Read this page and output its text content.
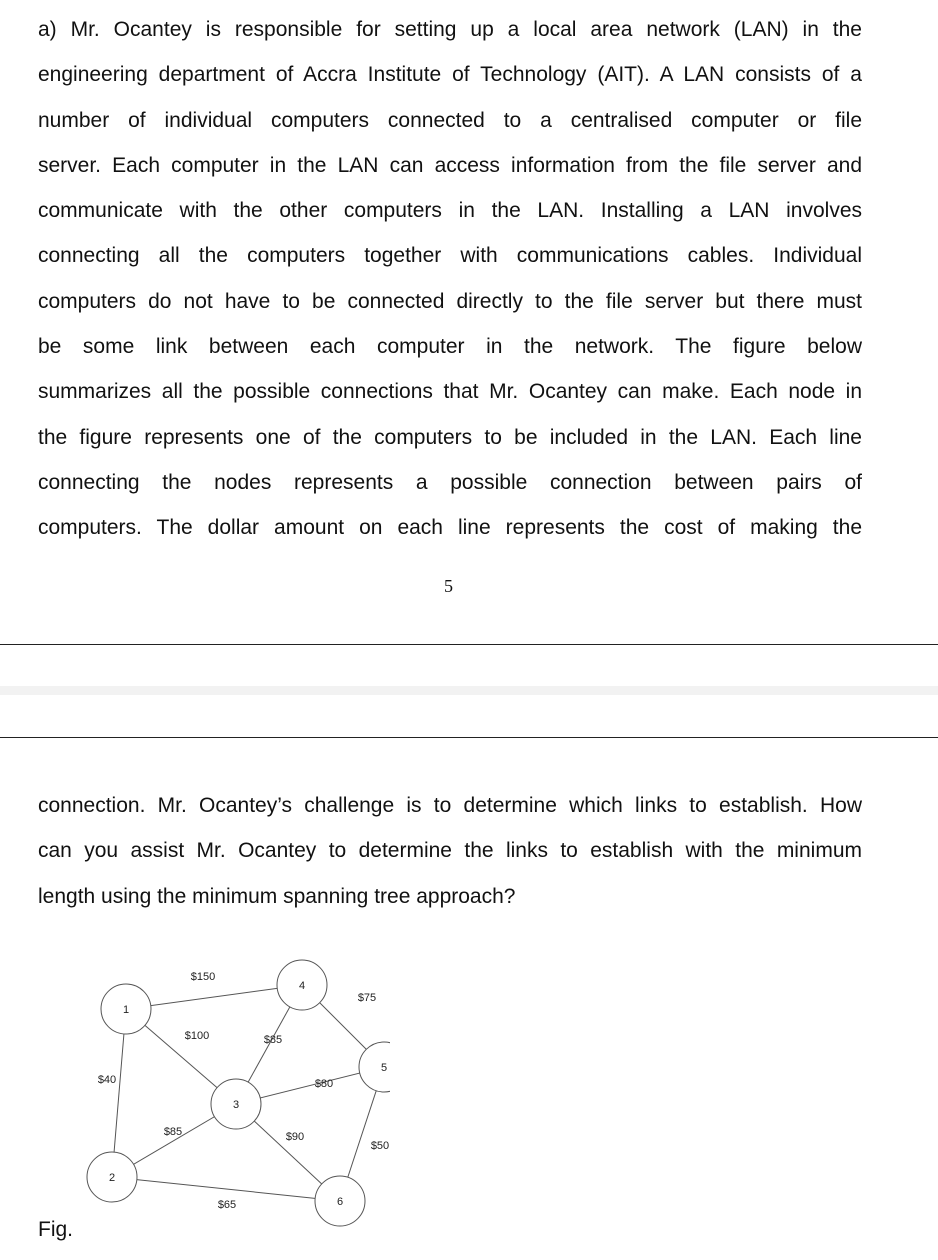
a) Mr. Ocantey is responsible for setting up a local area network (LAN) in the
engineering department of Accra Institute of Technology (AIT). A LAN consists of a
number of individual computers connected to a centralised computer or file
server. Each computer in the LAN can access information from the file server and
communicate with the other computers in the LAN. Installing a LAN involves
connecting all the computers together with communications cables. Individual
computers do not have to be connected directly to the file server but there must
be some link between each computer in the network. The figure below
summarizes all the possible connections that Mr. Ocantey can make. Each node in
the figure represents one of the computers to be included in the LAN. Each line
connecting the nodes represents a possible connection between pairs of
computers. The dollar amount on each line represents the cost of making the
5
connection. Mr. Ocantey’s challenge is to determine which links to establish. How
can you assist Mr. Ocantey to determine the links to establish with the minimum
length using the minimum spanning tree approach?
1
2
3
4
5
6
$150
$100
$40
$85
$75
$80
$85	$90
$50
$65
Fig.
